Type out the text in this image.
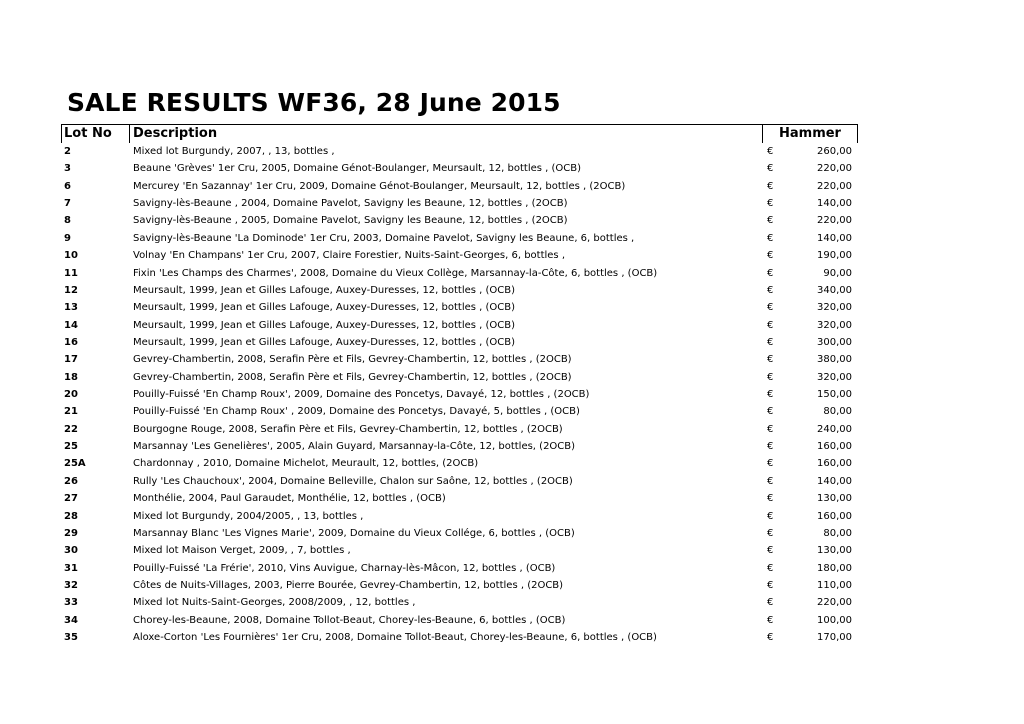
SALE RESULTS WF36, 28 June 2015
Lot No	Description	Hammer
2	Mixed lot Burgundy, 2007, , 13, bottles ,	€	260,00
3	Beaune 'Grèves' 1er Cru, 2005, Domaine Génot-Boulanger, Meursault, 12, bottles , (OCB)	€	220,00
6	Mercurey 'En Sazannay' 1er Cru, 2009, Domaine Génot-Boulanger, Meursault, 12, bottles , (2OCB)	€	220,00
7	Savigny-lès-Beaune , 2004, Domaine Pavelot, Savigny les Beaune, 12, bottles , (2OCB)	€	140,00
8	Savigny-lès-Beaune , 2005, Domaine Pavelot, Savigny les Beaune, 12, bottles , (2OCB)	€	220,00
9	Savigny-lès-Beaune 'La Dominode' 1er Cru, 2003, Domaine Pavelot, Savigny les Beaune, 6, bottles ,	€	140,00
10	Volnay 'En Champans' 1er Cru, 2007, Claire Forestier, Nuits-Saint-Georges, 6, bottles ,	€	190,00
11	Fixin 'Les Champs des Charmes', 2008, Domaine du Vieux Collège, Marsannay-la-Côte, 6, bottles , (OCB)	€	90,00
12	Meursault, 1999, Jean et Gilles Lafouge, Auxey-Duresses, 12, bottles , (OCB)	€	340,00
13	Meursault, 1999, Jean et Gilles Lafouge, Auxey-Duresses, 12, bottles , (OCB)	€	320,00
14	Meursault, 1999, Jean et Gilles Lafouge, Auxey-Duresses, 12, bottles , (OCB)	€	320,00
16	Meursault, 1999, Jean et Gilles Lafouge, Auxey-Duresses, 12, bottles , (OCB)	€	300,00
17	Gevrey-Chambertin, 2008, Serafin Père et Fils, Gevrey-Chambertin, 12, bottles , (2OCB)	€	380,00
18	Gevrey-Chambertin, 2008, Serafin Père et Fils, Gevrey-Chambertin, 12, bottles , (2OCB)	€	320,00
20	Pouilly-Fuissé 'En Champ Roux', 2009, Domaine des Poncetys, Davayé, 12, bottles , (2OCB)	€	150,00
21	Pouilly-Fuissé 'En Champ Roux' , 2009, Domaine des Poncetys, Davayé, 5, bottles , (OCB)	€	80,00
22	Bourgogne Rouge, 2008, Serafin Père et Fils, Gevrey-Chambertin, 12, bottles , (2OCB)	€	240,00
25	Marsannay 'Les Genelières', 2005, Alain Guyard, Marsannay-la-Côte, 12, bottles, (2OCB)	€	160,00
25A	Chardonnay , 2010, Domaine Michelot, Meurault, 12, bottles, (2OCB)	€	160,00
26	Rully 'Les Chauchoux', 2004, Domaine Belleville, Chalon sur Saône, 12, bottles , (2OCB)	€	140,00
27	Monthélie, 2004, Paul Garaudet, Monthélie, 12, bottles , (OCB)	€	130,00
28	Mixed lot Burgundy, 2004/2005, , 13, bottles ,	€	160,00
29	Marsannay Blanc 'Les Vignes Marie', 2009, Domaine du Vieux Collége, 6, bottles , (OCB)	€	80,00
30	Mixed lot Maison Verget, 2009, , 7, bottles ,	€	130,00
31	Pouilly-Fuissé 'La Frérie', 2010, Vins Auvigue, Charnay-lès-Mâcon, 12, bottles , (OCB)	€	180,00
32	Côtes de Nuits-Villages, 2003, Pierre Bourée, Gevrey-Chambertin, 12, bottles , (2OCB)	€	110,00
33	Mixed lot Nuits-Saint-Georges, 2008/2009, , 12, bottles ,	€	220,00
34	Chorey-les-Beaune, 2008, Domaine Tollot-Beaut, Chorey-les-Beaune, 6, bottles , (OCB)	€	100,00
35	Aloxe-Corton 'Les Fournières' 1er Cru, 2008, Domaine Tollot-Beaut, Chorey-les-Beaune, 6, bottles , (OCB)	€	170,00
